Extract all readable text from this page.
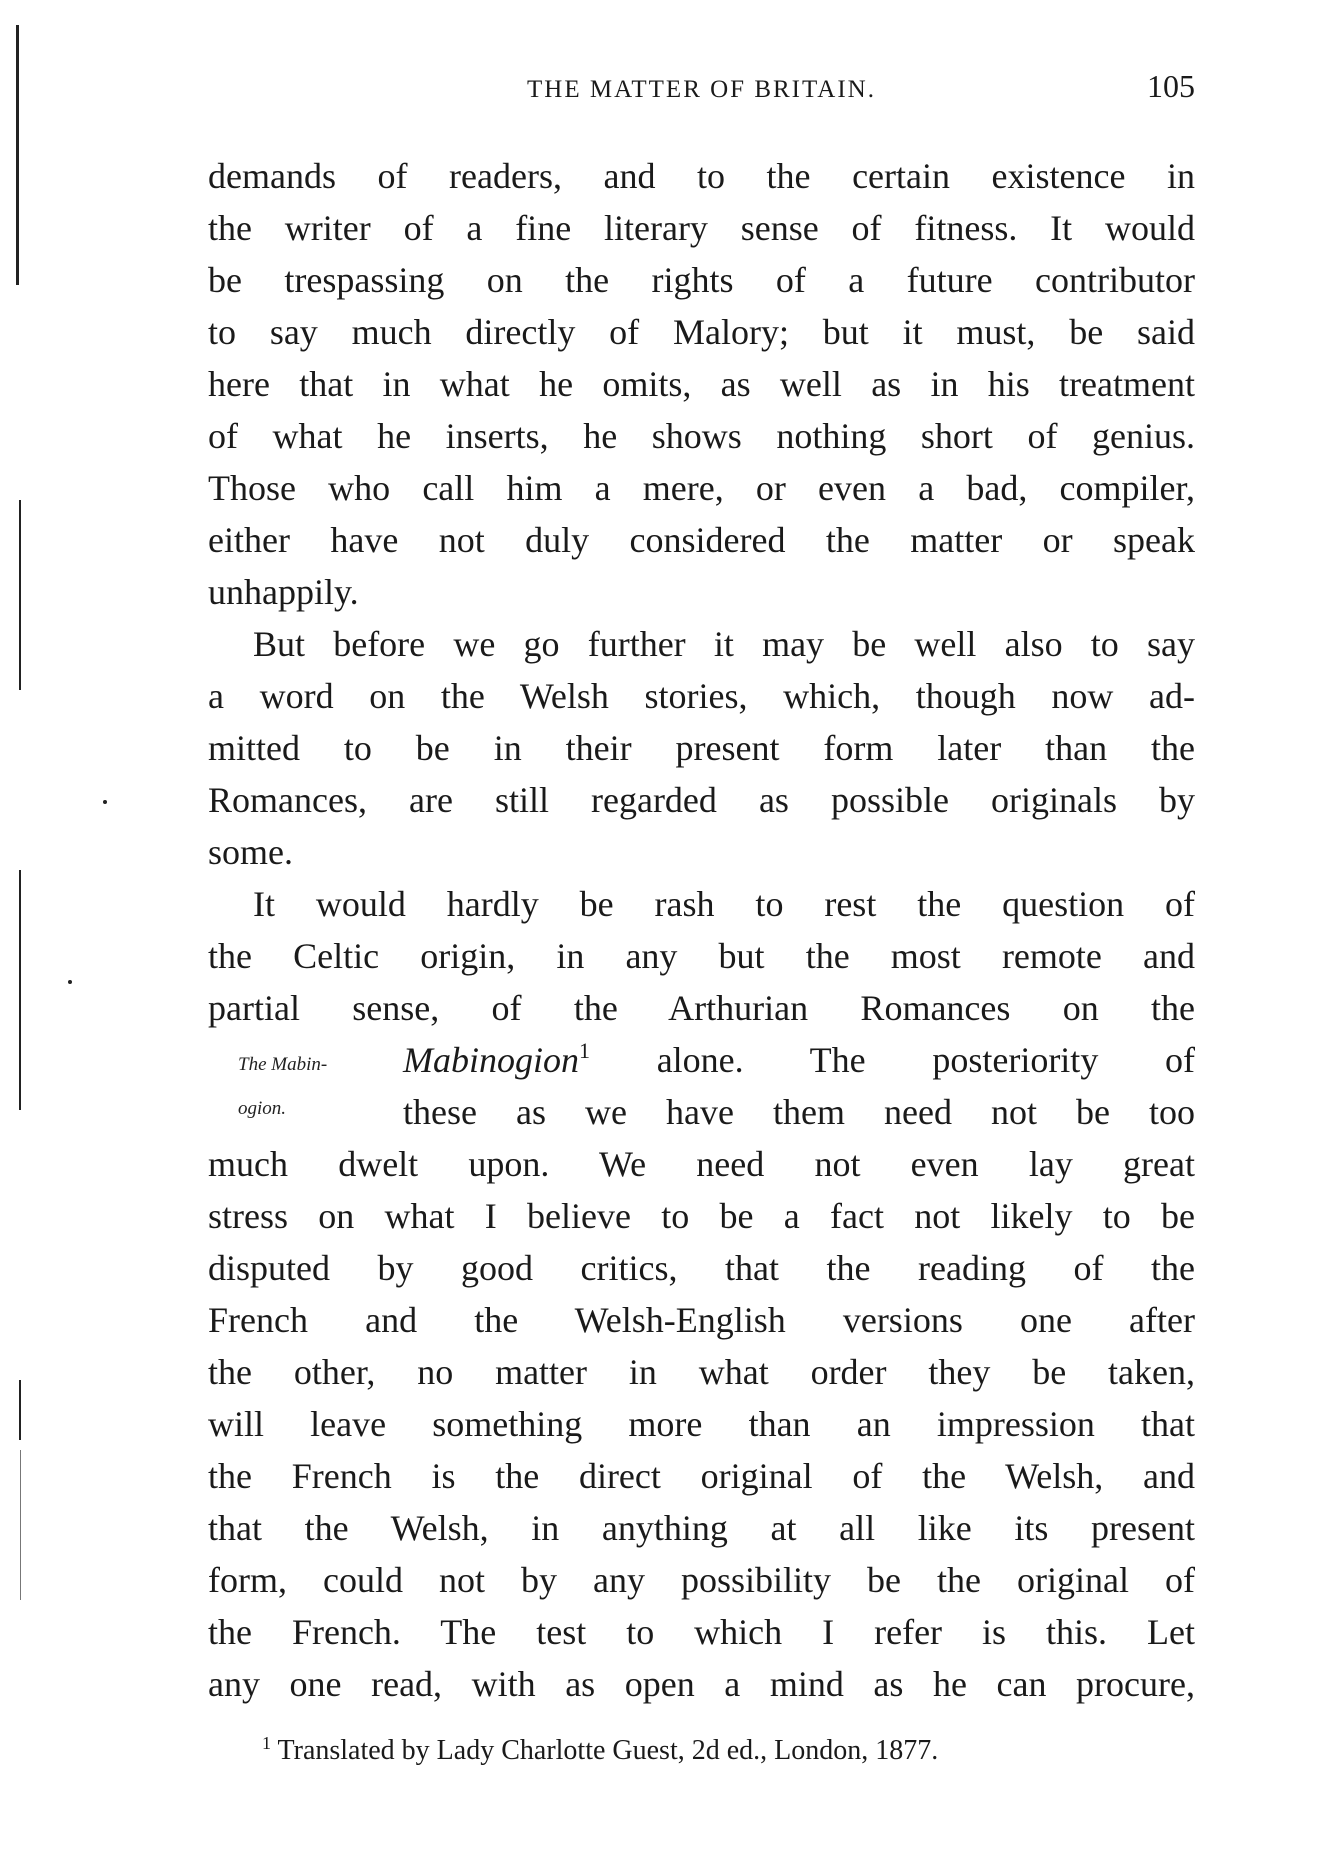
THE MATTER OF BRITAIN.	105
demands of readers, and to the certain existence in
the writer of a fine literary sense of fitness. It would
be trespassing on the rights of a future contributor
to say much directly of Malory; but it must, be said
here that in what he omits, as well as in his treatment
of what he inserts, he shows nothing short of genius.
Those who call him a mere, or even a bad, compiler,
either have not duly considered the matter or speak
unhappily.
But before we go further it may be well also to say
a word on the Welsh stories, which, though now ad-
mitted to be in their present form later than the
Romances, are still regarded as possible originals by
some.
It would hardly be rash to rest the question of
the Celtic origin, in any but the most remote and
partial sense, of the Arthurian Romances on the
Mabinogion$^1$ alone. The posteriority of
these as we have them need not be too
much dwelt upon. We need not even lay great
stress on what I believe to be a fact not likely to be
disputed by good critics, that the reading of the
French and the Welsh-English versions one after
the other, no matter in what order they be taken,
will leave something more than an impression that
the French is the direct original of the Welsh, and
that the Welsh, in anything at all like its present
form, could not by any possibility be the original of
the French. The test to which I refer is this. Let
any one read, with as open a mind as he can procure,
The Mabin-
ogion.
$^1$ Translated by Lady Charlotte Guest, 2d ed., London, 1877.
